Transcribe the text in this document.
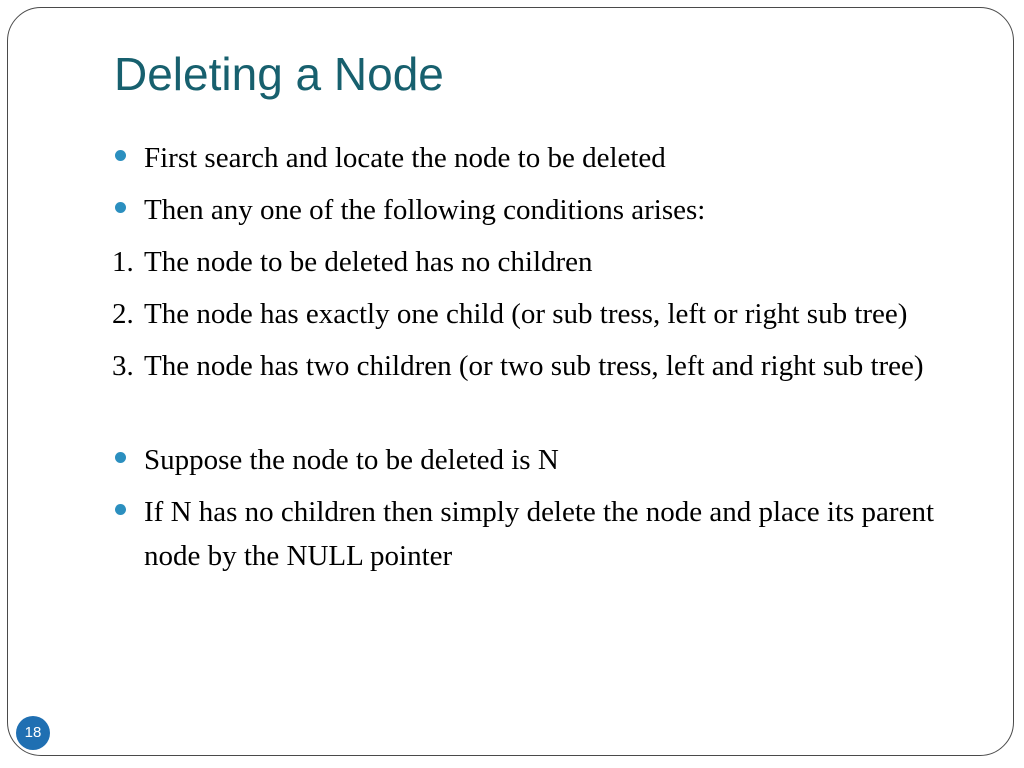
Deleting a Node
First search and locate the node to be deleted
Then any one of the following conditions arises:
1. The node to be deleted has no children
2. The node has exactly one child (or sub tress, left or right sub tree)
3. The node has two children (or two sub tress, left and right sub tree)
Suppose the node to be deleted is N
If N has no children then simply delete the node and place its parent node by the NULL pointer
18
